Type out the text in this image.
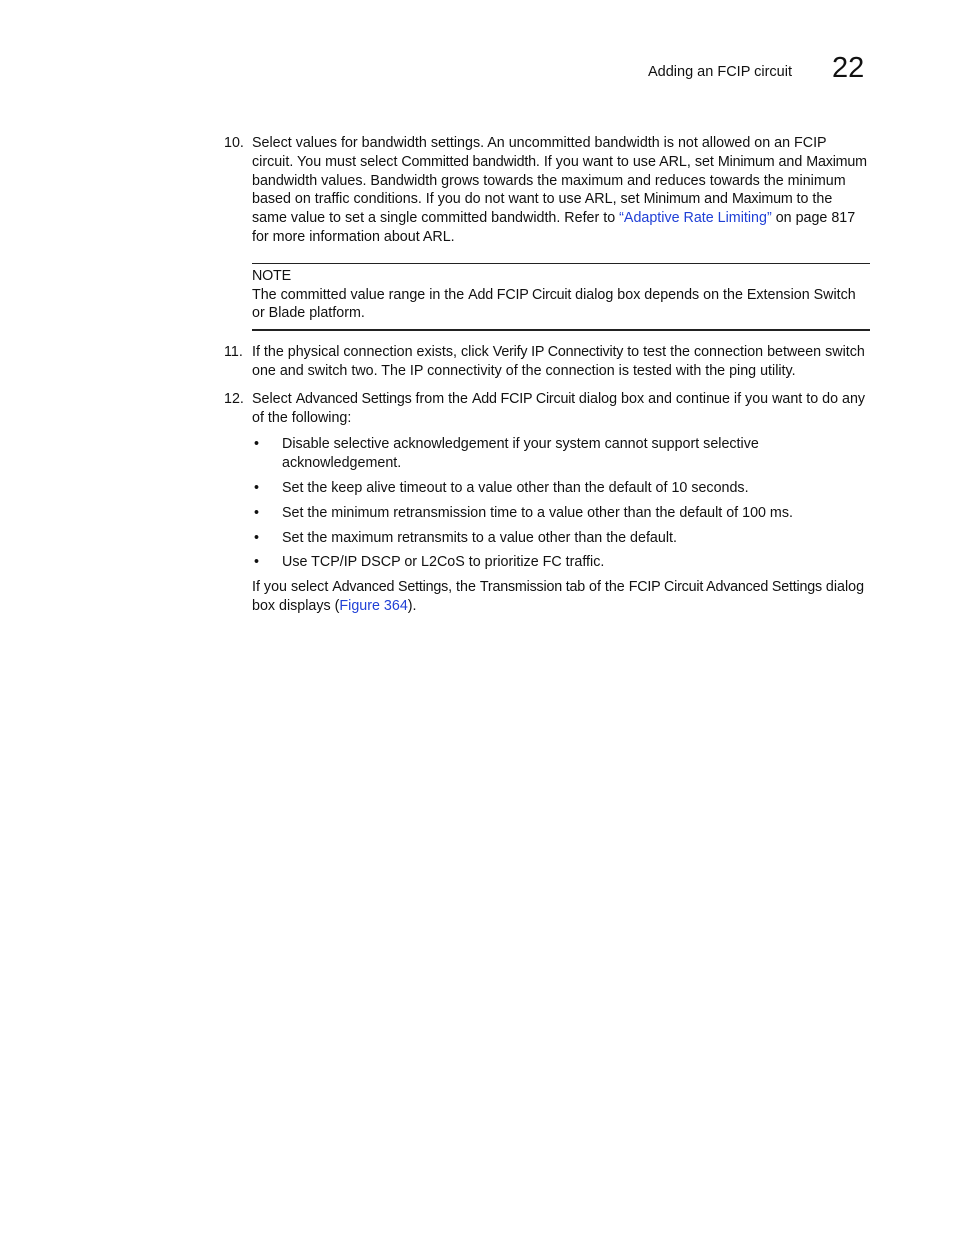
Adding an FCIP circuit 22
10. Select values for bandwidth settings. An uncommitted bandwidth is not allowed on an FCIP circuit. You must select Committed bandwidth. If you want to use ARL, set Minimum and Maximum bandwidth values. Bandwidth grows towards the maximum and reduces towards the minimum based on traffic conditions. If you do not want to use ARL, set Minimum and Maximum to the same value to set a single committed bandwidth. Refer to “Adaptive Rate Limiting” on page 817 for more information about ARL.
NOTE
The committed value range in the Add FCIP Circuit dialog box depends on the Extension Switch or Blade platform.
11. If the physical connection exists, click Verify IP Connectivity to test the connection between switch one and switch two. The IP connectivity of the connection is tested with the ping utility.
12. Select Advanced Settings from the Add FCIP Circuit dialog box and continue if you want to do any of the following:
•	Disable selective acknowledgement if your system cannot support selective acknowledgement.
•	Set the keep alive timeout to a value other than the default of 10 seconds.
•	Set the minimum retransmission time to a value other than the default of 100 ms.
•	Set the maximum retransmits to a value other than the default.
•	Use TCP/IP DSCP or L2CoS to prioritize FC traffic.
If you select Advanced Settings, the Transmission tab of the FCIP Circuit Advanced Settings dialog box displays (Figure 364).
